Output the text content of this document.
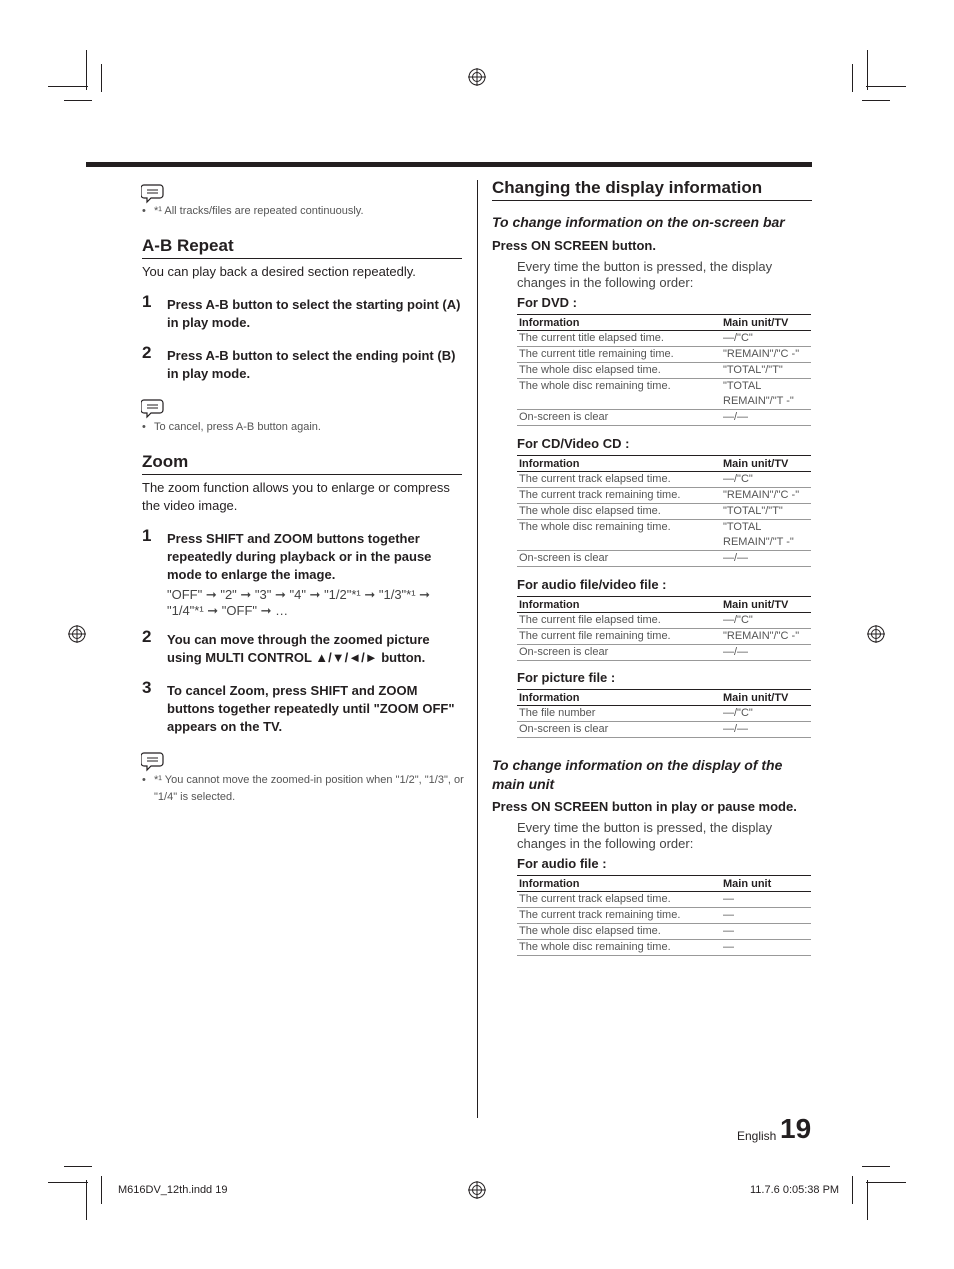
• *¹ All tracks/files are repeated continuously.
A-B Repeat
You can play back a desired section repeatedly.
1 Press A-B button to select the starting point (A) in play mode.
2 Press A-B button to select the ending point (B) in play mode.
• To cancel, press A-B button again.
Zoom
The zoom function allows you to enlarge or compress the video image.
1 Press SHIFT and ZOOM buttons together repeatedly during playback or in the pause mode to enlarge the image.
"OFF" ➞ "2" ➞ "3" ➞ "4" ➞ "1/2"*¹ ➞ "1/3"*¹ ➞
"1/4"*¹ ➞ "OFF" ➞ …
2 You can move through the zoomed picture using MULTI CONTROL ▲/▼/◄/► button.
3 To cancel Zoom, press SHIFT and ZOOM buttons together repeatedly until "ZOOM OFF" appears on the TV.
• *¹ You cannot move the zoomed-in position when "1/2", "1/3", or "1/4" is selected.
Changing the display information

To change information on the on-screen bar

Press ON SCREEN button.
Every time the button is pressed, the display changes in the following order:
For DVD :
Information	Main unit/TV
The current title elapsed time.	—/"C"
The current title remaining time.	"REMAIN"/"C -"
The whole disc elapsed time.	"TOTAL"/"T"
The whole disc remaining time.	"TOTAL REMAIN"/"T -"
On-screen is clear	—/—
For CD/Video CD :
Information	Main unit/TV
The current track elapsed time.	—/"C"
The current track remaining time.	"REMAIN"/"C -"
The whole disc elapsed time.	"TOTAL"/"T"
The whole disc remaining time.	"TOTAL REMAIN"/"T -"
On-screen is clear	—/—
For audio file/video file :
Information	Main unit/TV
The current file elapsed time.	—/"C"
The current file remaining time.	"REMAIN"/"C -"
On-screen is clear	—/—
For picture file :
Information	Main unit/TV
The file number	—/"C"
On-screen is clear	—/—

To change information on the display of the main unit

Press ON SCREEN button in play or pause mode.
Every time the button is pressed, the display changes in the following order:
For audio file :
Information	Main unit
The current track elapsed time.	—
The current track remaining time.	—
The whole disc elapsed time.	—
The whole disc remaining time.	—
English 19
M616DV_12th.indd 19	11.7.6 0:05:38 PM
